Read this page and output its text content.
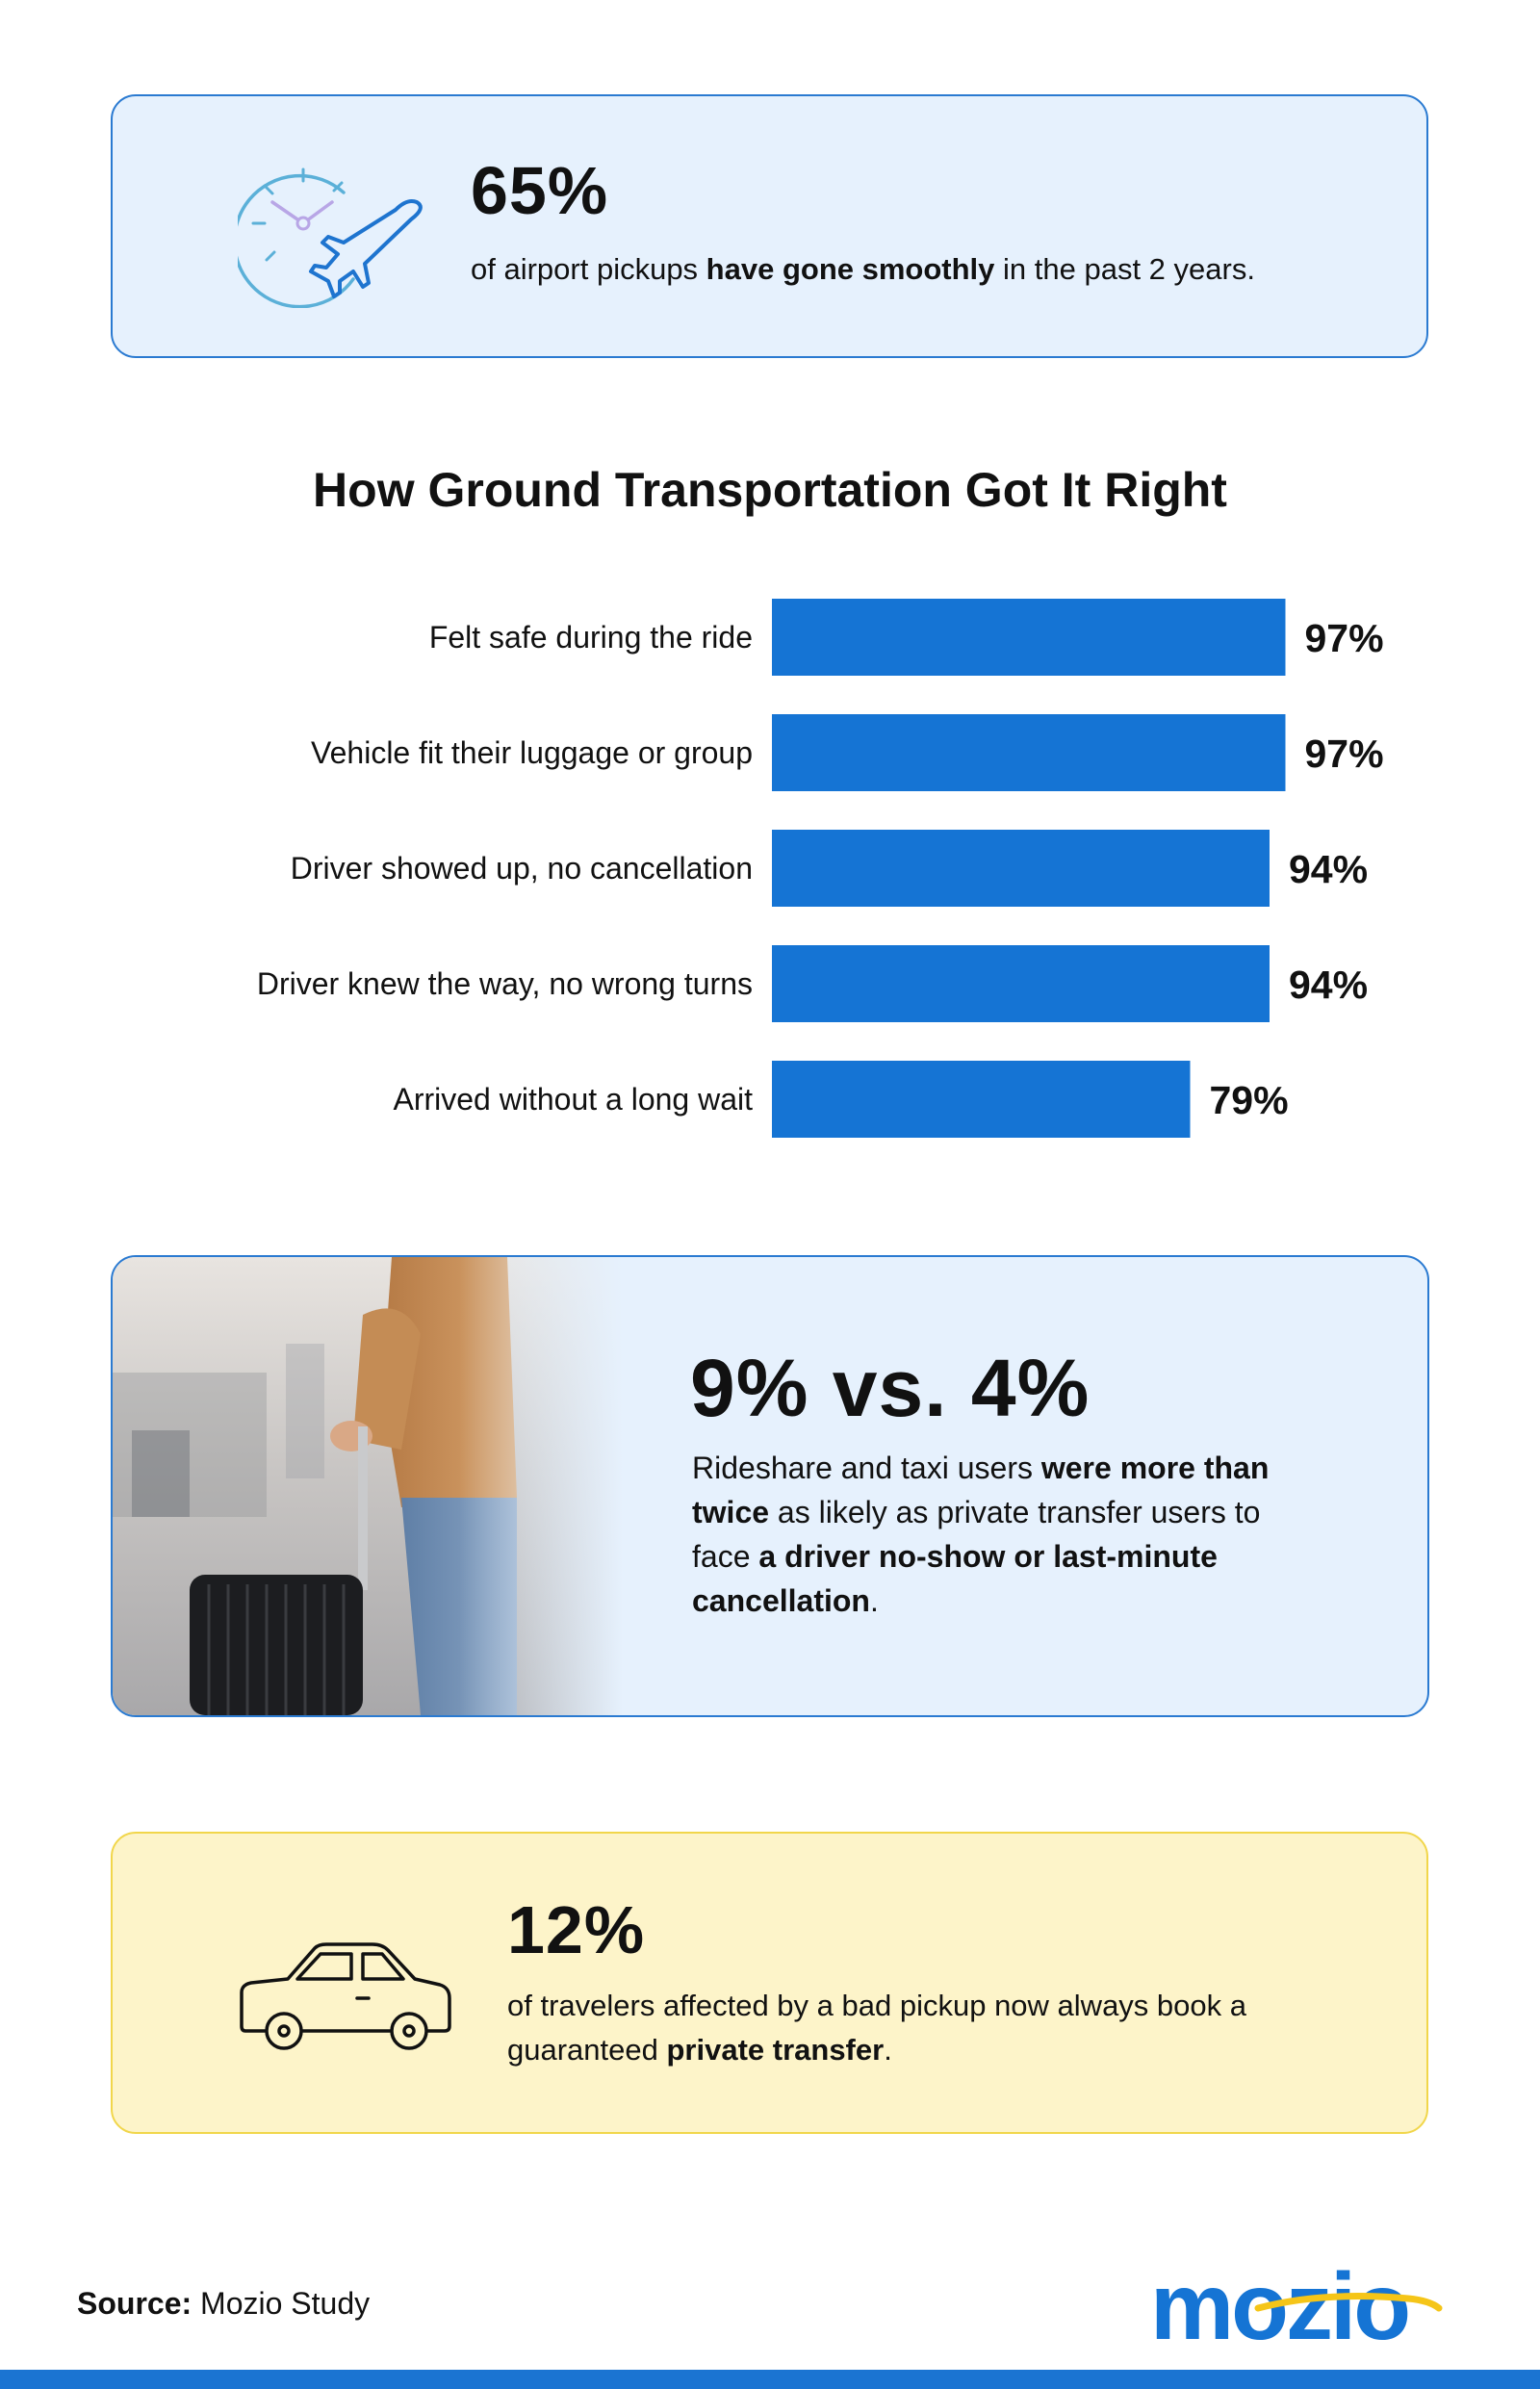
65%
of airport pickups have gone smoothly in the past 2 years.
How Ground Transportation Got It Right
Felt safe during the ride	97%
Vehicle fit their luggage or group	97%
Driver showed up, no cancellation	94%
Driver knew the way, no wrong turns	94%
Arrived without a long wait	79%
9% vs. 4%
Rideshare and taxi users were more than twice as likely as private transfer users to face a driver no-show or last-minute cancellation.
12%
of travelers affected by a bad pickup now always book a guaranteed private transfer.
Source: Mozio Study	mozio
